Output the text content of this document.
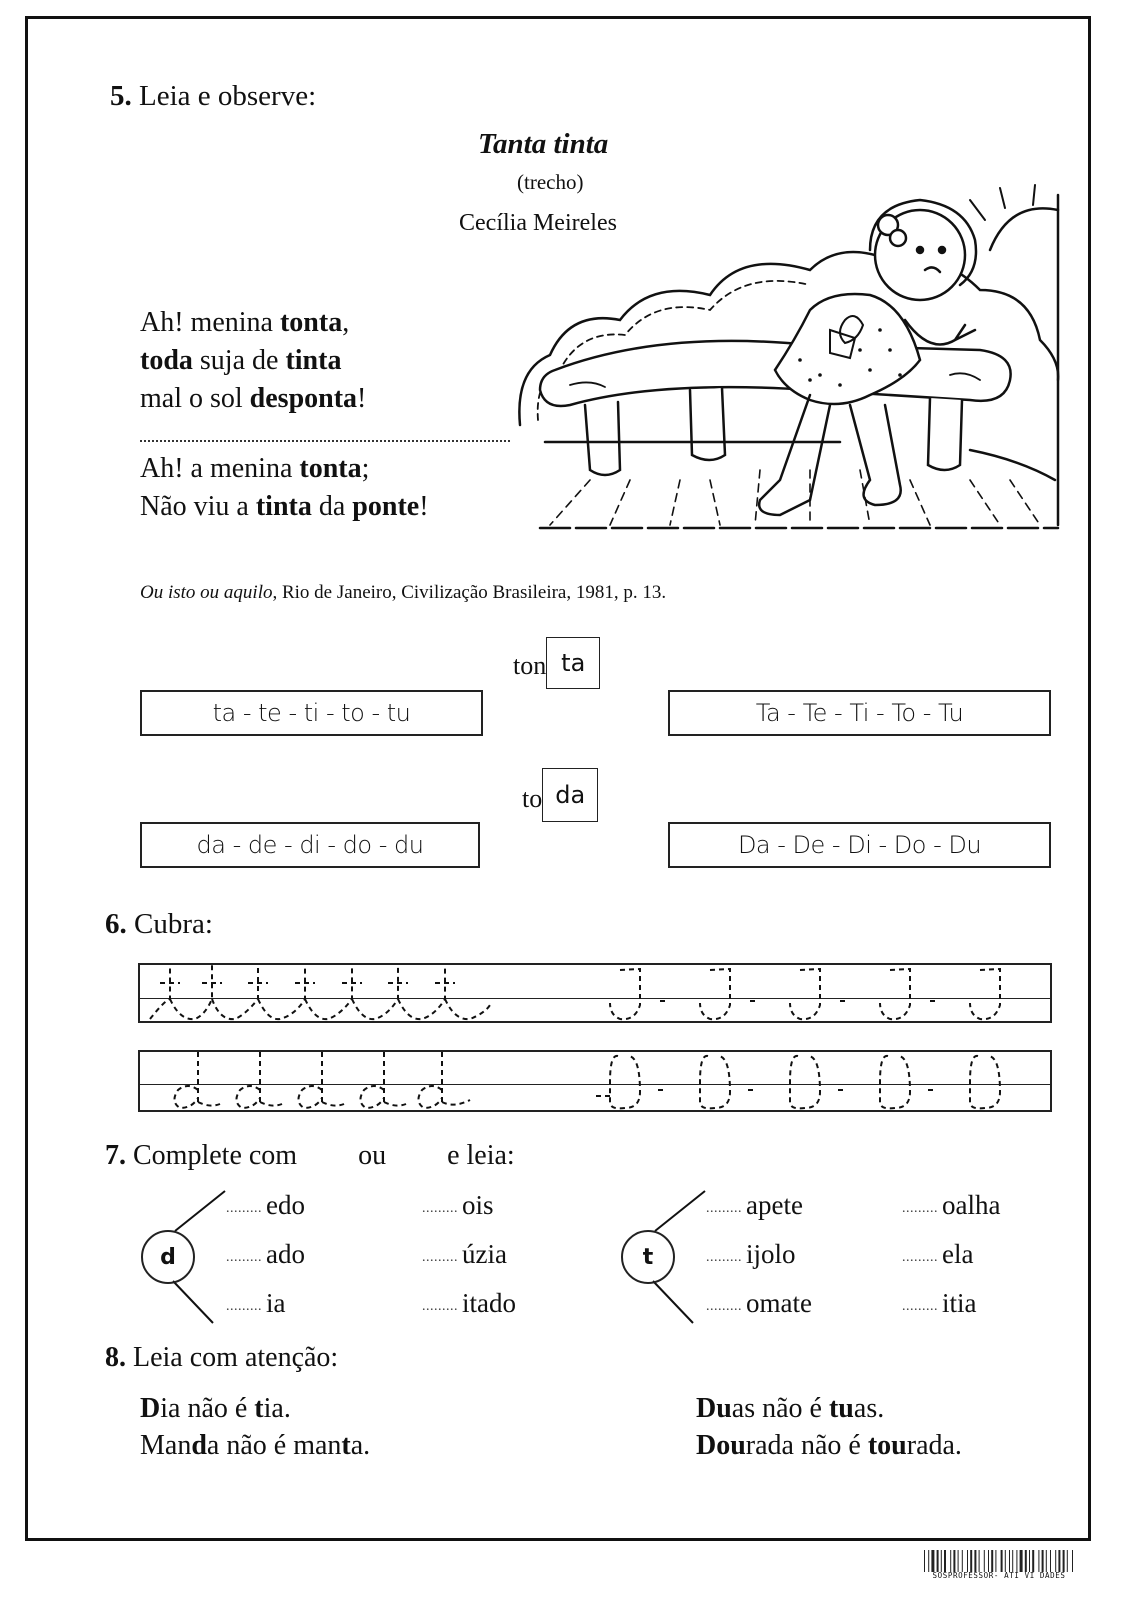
5. Leia e observe:
Tanta tinta
(trecho)
Cecília Meireles
Ah! menina tonta,
toda suja de tinta
mal o sol desponta!
Ah! a menina tonta;
Não viu a tinta da ponte!
Ou isto ou aquilo, Rio de Janeiro, Civilização Brasileira, 1981, p. 13.
ton ta
ta - te - ti - to - tu	Ta - Te - Ti - To - Tu
to da
da - de - di - do - du	Da - De - Di - Do - Du
6. Cubra:
7. Complete com ou e leia:
d
......... edo	......... ois
......... ado	......... úzia
......... ia	......... itado
t
......... apete	......... oalha
......... ijolo	......... ela
......... omate	......... itia
8. Leia com atenção:
Dia não é tia.
Manda não é manta.
Duas não é tuas.
Dourada não é tourada.
SOSPROFESSOR- ATI VI DADES
